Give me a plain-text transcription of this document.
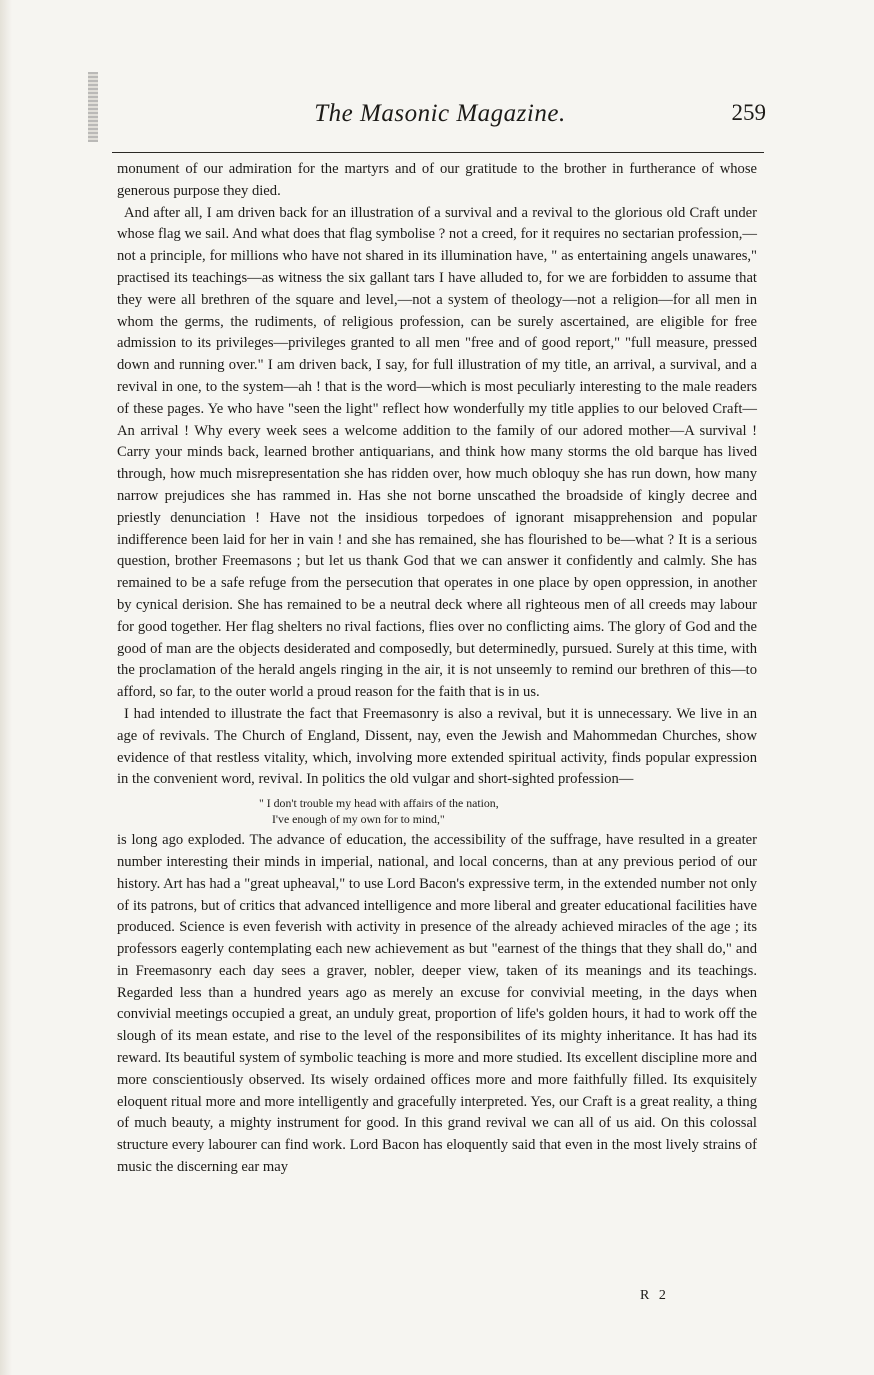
The Masonic Magazine.	259

monument of our admiration for the martyrs and of our gratitude to the brother in furtherance of whose generous purpose they died.

And after all, I am driven back for an illustration of a survival and a revival to the glorious old Craft under whose flag we sail. And what does that flag symbolise ? not a creed, for it requires no sectarian profession,—not a principle, for millions who have not shared in its illumination have, " as entertaining angels unawares," practised its teachings—as witness the six gallant tars I have alluded to, for we are forbidden to assume that they were all brethren of the square and level,—not a system of theology—not a religion—for all men in whom the germs, the rudiments, of religious profession, can be surely ascertained, are eligible for free admission to its privileges—privileges granted to all men "free and of good report," "full measure, pressed down and running over." I am driven back, I say, for full illustration of my title, an arrival, a survival, and a revival in one, to the system—ah ! that is the word—which is most peculiarly interesting to the male readers of these pages. Ye who have "seen the light" reflect how wonderfully my title applies to our beloved Craft—An arrival ! Why every week sees a welcome addition to the family of our adored mother—A survival ! Carry your minds back, learned brother antiquarians, and think how many storms the old barque has lived through, how much misrepresentation she has ridden over, how much obloquy she has run down, how many narrow prejudices she has rammed in. Has she not borne unscathed the broadside of kingly decree and priestly denunciation ! Have not the insidious torpedoes of ignorant misapprehension and popular indifference been laid for her in vain ! and she has remained, she has flourished to be—what ? It is a serious question, brother Freemasons ; but let us thank God that we can answer it confidently and calmly. She has remained to be a safe refuge from the persecution that operates in one place by open oppression, in another by cynical derision. She has remained to be a neutral deck where all righteous men of all creeds may labour for good together. Her flag shelters no rival factions, flies over no conflicting aims. The glory of God and the good of man are the objects desiderated and composedly, but determinedly, pursued. Surely at this time, with the proclamation of the herald angels ringing in the air, it is not unseemly to remind our brethren of this—to afford, so far, to the outer world a proud reason for the faith that is in us.

I had intended to illustrate the fact that Freemasonry is also a revival, but it is unnecessary. We live in an age of revivals. The Church of England, Dissent, nay, even the Jewish and Mahommedan Churches, show evidence of that restless vitality, which, involving more extended spiritual activity, finds popular expression in the convenient word, revival. In politics the old vulgar and short-sighted profession—

" I don't trouble my head with affairs of the nation,
I've enough of my own for to mind,"

is long ago exploded. The advance of education, the accessibility of the suffrage, have resulted in a greater number interesting their minds in imperial, national, and local concerns, than at any previous period of our history. Art has had a "great upheaval," to use Lord Bacon's expressive term, in the extended number not only of its patrons, but of critics that advanced intelligence and more liberal and greater educational facilities have produced. Science is even feverish with activity in presence of the already achieved miracles of the age ; its professors eagerly contemplating each new achievement as but "earnest of the things that they shall do," and in Freemasonry each day sees a graver, nobler, deeper view, taken of its meanings and its teachings. Regarded less than a hundred years ago as merely an excuse for convivial meeting, in the days when convivial meetings occupied a great, an unduly great, proportion of life's golden hours, it had to work off the slough of its mean estate, and rise to the level of the responsibilites of its mighty inheritance. It has had its reward. Its beautiful system of symbolic teaching is more and more studied. Its excellent discipline more and more conscientiously observed. Its wisely ordained offices more and more faithfully filled. Its exquisitely eloquent ritual more and more intelligently and gracefully interpreted. Yes, our Craft is a great reality, a thing of much beauty, a mighty instrument for good. In this grand revival we can all of us aid. On this colossal structure every labourer can find work. Lord Bacon has eloquently said that even in the most lively strains of music the discerning ear may

R 2
